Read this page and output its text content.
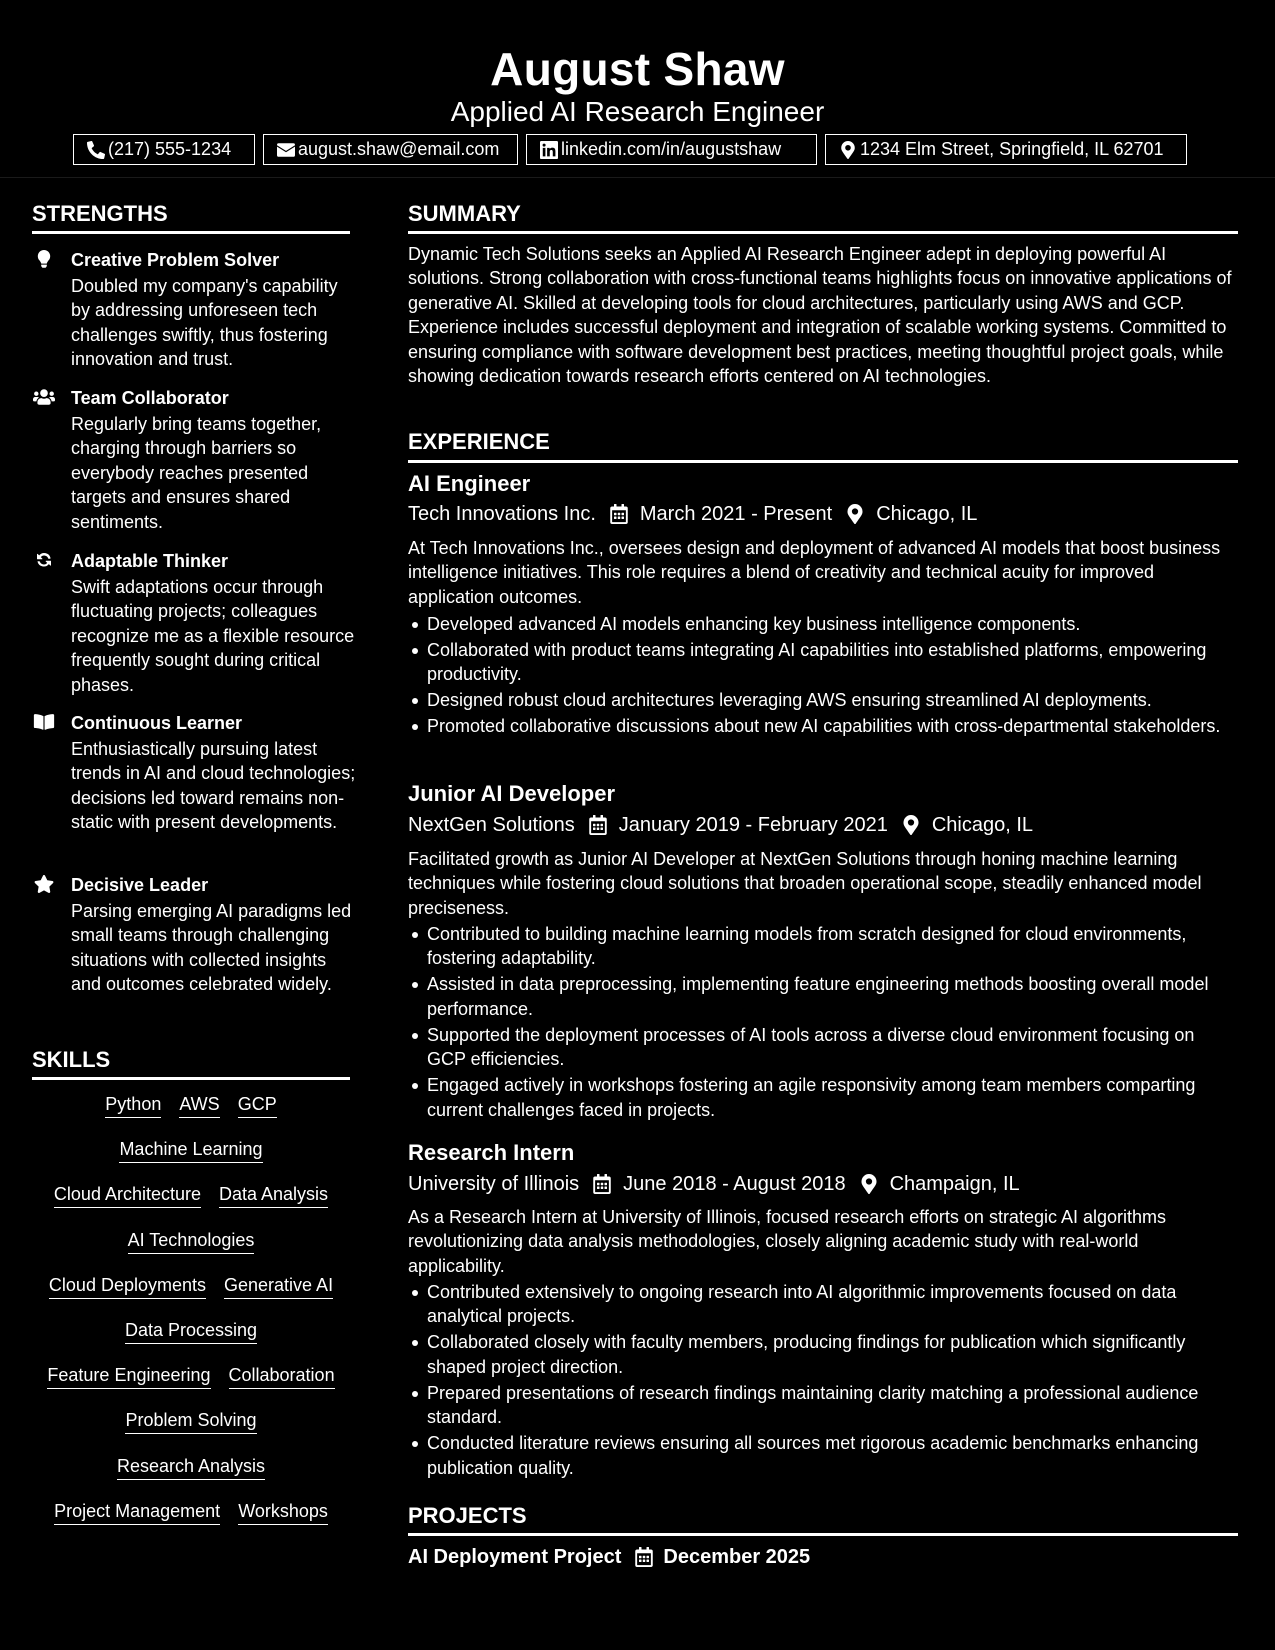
August Shaw
Applied AI Research Engineer
(217) 555-1234	august.shaw@email.com	linkedin.com/in/augustshaw	1234 Elm Street, Springfield, IL 62701
STRENGTHS
Creative Problem Solver
Doubled my company's capability by addressing unforeseen tech challenges swiftly, thus fostering innovation and trust.
Team Collaborator
Regularly bring teams together, charging through barriers so everybody reaches presented targets and ensures shared sentiments.
Adaptable Thinker
Swift adaptations occur through fluctuating projects; colleagues recognize me as a flexible resource frequently sought during critical phases.
Continuous Learner
Enthusiastically pursuing latest trends in AI and cloud technologies; decisions led toward remains non-static with present developments.
Decisive Leader
Parsing emerging AI paradigms led small teams through challenging situations with collected insights and outcomes celebrated widely.
SKILLS
Python AWS GCP
Machine Learning
Cloud Architecture Data Analysis
AI Technologies
Cloud Deployments Generative AI
Data Processing
Feature Engineering Collaboration
Problem Solving
Research Analysis
Project Management Workshops
SUMMARY
Dynamic Tech Solutions seeks an Applied AI Research Engineer adept in deploying powerful AI solutions. Strong collaboration with cross-functional teams highlights focus on innovative applications of generative AI. Skilled at developing tools for cloud architectures, particularly using AWS and GCP. Experience includes successful deployment and integration of scalable working systems. Committed to ensuring compliance with software development best practices, meeting thoughtful project goals, while showing dedication towards research efforts centered on AI technologies.
EXPERIENCE
AI Engineer
Tech Innovations Inc. March 2021 - Present Chicago, IL
At Tech Innovations Inc., oversees design and deployment of advanced AI models that boost business intelligence initiatives. This role requires a blend of creativity and technical acuity for improved application outcomes.
Developed advanced AI models enhancing key business intelligence components.
Collaborated with product teams integrating AI capabilities into established platforms, empowering productivity.
Designed robust cloud architectures leveraging AWS ensuring streamlined AI deployments.
Promoted collaborative discussions about new AI capabilities with cross-departmental stakeholders.
Junior AI Developer
NextGen Solutions January 2019 - February 2021 Chicago, IL
Facilitated growth as Junior AI Developer at NextGen Solutions through honing machine learning techniques while fostering cloud solutions that broaden operational scope, steadily enhanced model preciseness.
Contributed to building machine learning models from scratch designed for cloud environments, fostering adaptability.
Assisted in data preprocessing, implementing feature engineering methods boosting overall model performance.
Supported the deployment processes of AI tools across a diverse cloud environment focusing on GCP efficiencies.
Engaged actively in workshops fostering an agile responsivity among team members comparting current challenges faced in projects.
Research Intern
University of Illinois June 2018 - August 2018 Champaign, IL
As a Research Intern at University of Illinois, focused research efforts on strategic AI algorithms revolutionizing data analysis methodologies, closely aligning academic study with real-world applicability.
Contributed extensively to ongoing research into AI algorithmic improvements focused on data analytical projects.
Collaborated closely with faculty members, producing findings for publication which significantly shaped project direction.
Prepared presentations of research findings maintaining clarity matching a professional audience standard.
Conducted literature reviews ensuring all sources met rigorous academic benchmarks enhancing publication quality.
PROJECTS
AI Deployment Project December 2025
